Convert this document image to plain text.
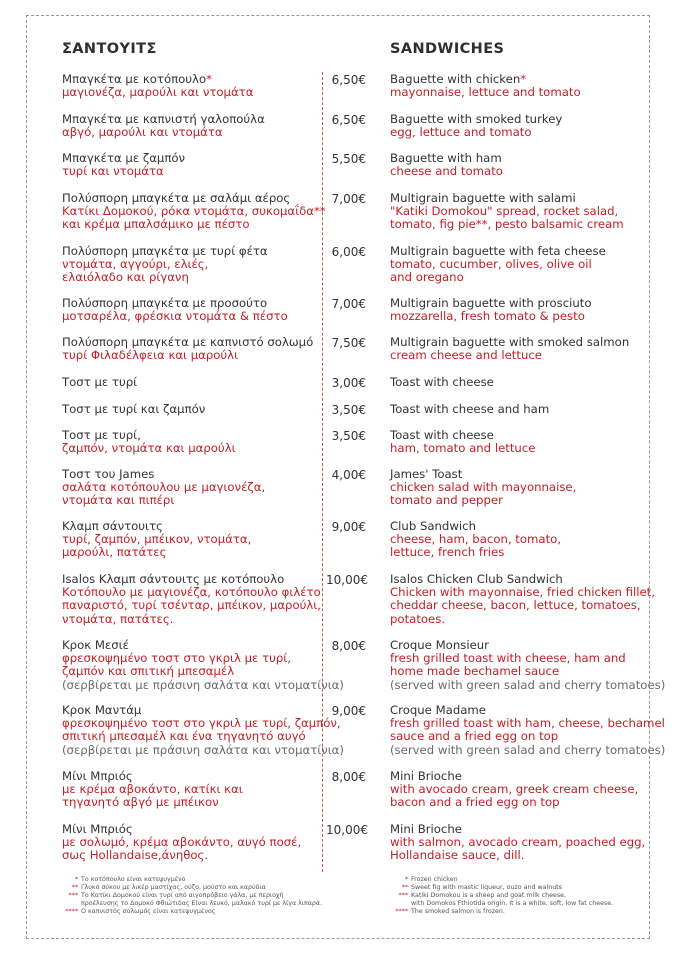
ΣΑΝΤΟΥΙΤΣ	SANDWICHES
Μπαγκέτα με κοτόπουλο*
μαγιονέζα, μαρούλι και ντομάτα
6,50€ Baguette with chicken*
mayonnaise, lettuce and tomato
Μπαγκέτα με καπνιστή γαλοπούλα
αβγό, μαρούλι και ντομάτα
6,50€ Baguette with smoked turkey
egg, lettuce and tomato
Μπαγκέτα με ζαμπόν
τυρί και ντομάτα
5,50€ Baguette with ham
cheese and tomato
Πολύσπορη μπαγκέτα με σαλάμι αέρος
Κατίκι Δομοκού, ρόκα ντομάτα, συκομαΐδα**
και κρέμα μπαλσάμικο με πέστο
7,00€ Multigrain baguette with salami
"Katiki Domokou" spread, rocket salad,
tomato, fig pie**, pesto balsamic cream
Πολύσπορη μπαγκέτα με τυρί φέτα
ντομάτα, αγγούρι, ελιές,
ελαιόλαδο και ρίγανη
6,00€ Multigrain baguette with feta cheese
tomato, cucumber, olives, olive oil
and oregano
Πολύσπορη μπαγκέτα με προσούτο
μοτσαρέλα, φρέσκια ντομάτα & πέστο
7,00€ Multigrain baguette with prosciuto
mozzarella, fresh tomato & pesto
Πολύσπορη μπαγκέτα με καπνιστό σολωμό
τυρί Φιλαδέλφεια και μαρούλι
7,50€ Multigrain baguette with smoked salmon
cream cheese and lettuce
Τοστ με τυρί	3,00€ Toast with cheese
Τοστ με τυρί και ζαμπόν	3,50€ Toast with cheese and ham
Τοστ με τυρί,
ζαμπόν, ντομάτα και μαρούλι
3,50€ Toast with cheese
ham, tomato and lettuce
Τοστ του James
σαλάτα κοτόπουλου με μαγιονέζα,
ντομάτα και πιπέρι
4,00€ James' Toast
chicken salad with mayonnaise,
tomato and pepper
Κλαμπ σάντουιτς
τυρί, ζαμπόν, μπέικον, ντομάτα,
μαρούλι, πατάτες
9,00€ Club Sandwich
cheese, ham, bacon, tomato,
lettuce, french fries
Isalos Κλαμπ σάντουιτς με κοτόπουλο
Κοτόπουλο με μαγιονέζα, κοτόπουλο φιλέτο
παναριστό, τυρί τσένταρ, μπέικον, μαρούλι,
ντομάτα, πατάτες.
10,00€ Isalos Chicken Club Sandwich
Chicken with mayonnaise, fried chicken fillet,
cheddar cheese, bacon, lettuce, tomatoes,
potatoes.
Κροκ Μεσιέ
φρεσκοψημένο τοστ στο γκριλ με τυρί,
ζαμπόν και σπιτική μπεσαμέλ
(σερβίρεται με πράσινη σαλάτα και ντοματίνια)
8,00€ Croque Monsieur
fresh grilled toast with cheese, ham and
home made bechamel sauce
(served with green salad and cherry tomatoes)
Κροκ Μαντάμ
φρεσκοψημένο τοστ στο γκριλ με τυρί, ζαμπόν,
σπιτική μπεσαμέλ και ένα τηγανητό αυγό
(σερβίρεται με πράσινη σαλάτα και ντοματίνια)
9,00€ Croque Madame
fresh grilled toast with ham, cheese, bechamel
sauce and a fried egg on top
(served with green salad and cherry tomatoes)
Μίνι Μπριός
με κρέμα αβοκάντο, κατίκι και
τηγανητό αβγό με μπέικον
8,00€ Mini Brioche
with avocado cream, greek cream cheese,
bacon and a fried egg on top
Μίνι Μπριός
με σολωμό, κρέμα αβοκάντο, αυγό ποσέ,
σως Hollandaise,άνηθος.
10,00€ Mini Brioche
with salmon, avocado cream, poached egg,
Hollandaise sauce, dill.
* Το κοτόπουλο είναι κατεψυγμένο
** Γλυκό σύκου με λικέρ μαστίχας, ούζο, μούστο και καρύδια
*** Το Κατίκι Δομοκού είναι τυρί από αιγοπρόβειο γάλα, με περιοχή
προέλευσης το Δομοκό Φθιώτιδας Είναι λευκό, μαλακό τυρί με λίγα λιπαρά.
**** Ο καπνιστός σολωμός είναι κατεψυγμένος
* Frozen chicken
** Sweet fig with mastic liqueur, ouzo and walnuts
*** Katiki Domokou is a sheep and goat milk cheese,
with Domokos Fthiotida origin. It is a white, soft, low fat cheese.
**** The smoked salmon is frozen.
